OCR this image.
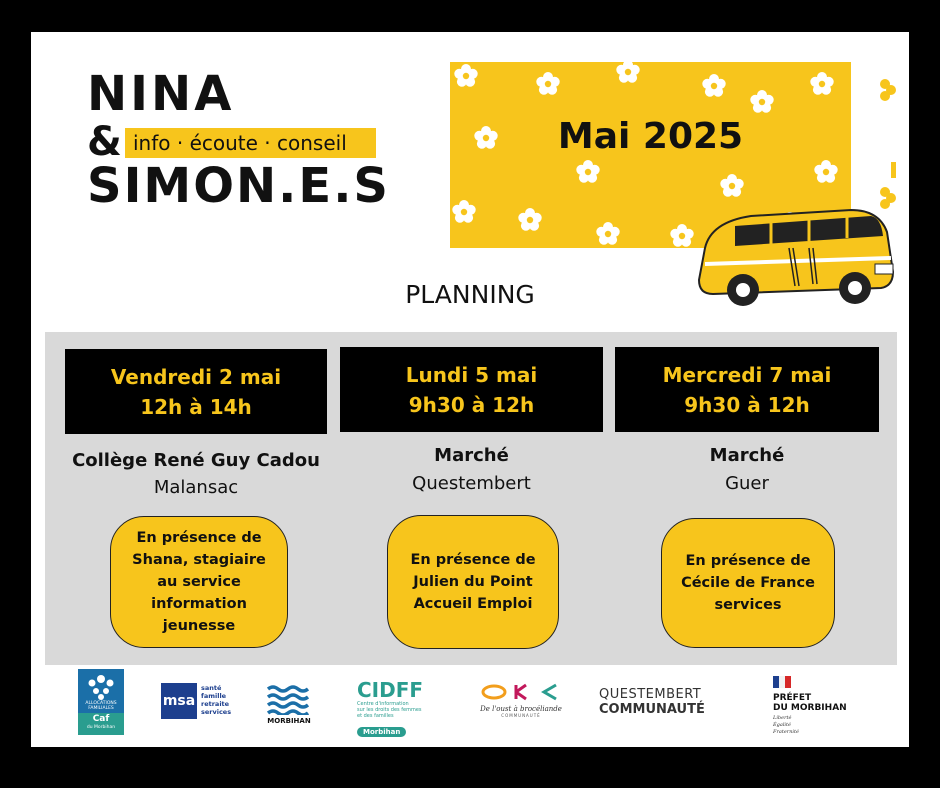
NINA
& info · écoute · conseil
SIMON.E.S
Mai 2025
PLANNING
Vendredi 2 mai
12h à 14h
Collège René Guy Cadou
Malansac
En présence de Shana, stagiaire au service information jeunesse
Lundi 5 mai
9h30 à 12h
Marché
Questembert
En présence de Julien du Point Accueil Emploi
Mercredi 7 mai
9h30 à 12h
Marché
Guer
En présence de Cécile de France services
ALLOCATIONS
FAMILIALES
Caf
du Morbihan
msa
santé
famille
retraite
services
MORBIHAN
CIDFF
Centre d'information
sur les droits des femmes
et des familles
Morbihan
De l'oust à brocéliande
COMMUNAUTÉ
QUESTEMBERT
COMMUNAUTÉ
PRÉFET
DU MORBIHAN
Liberté
Égalité
Fraternité
